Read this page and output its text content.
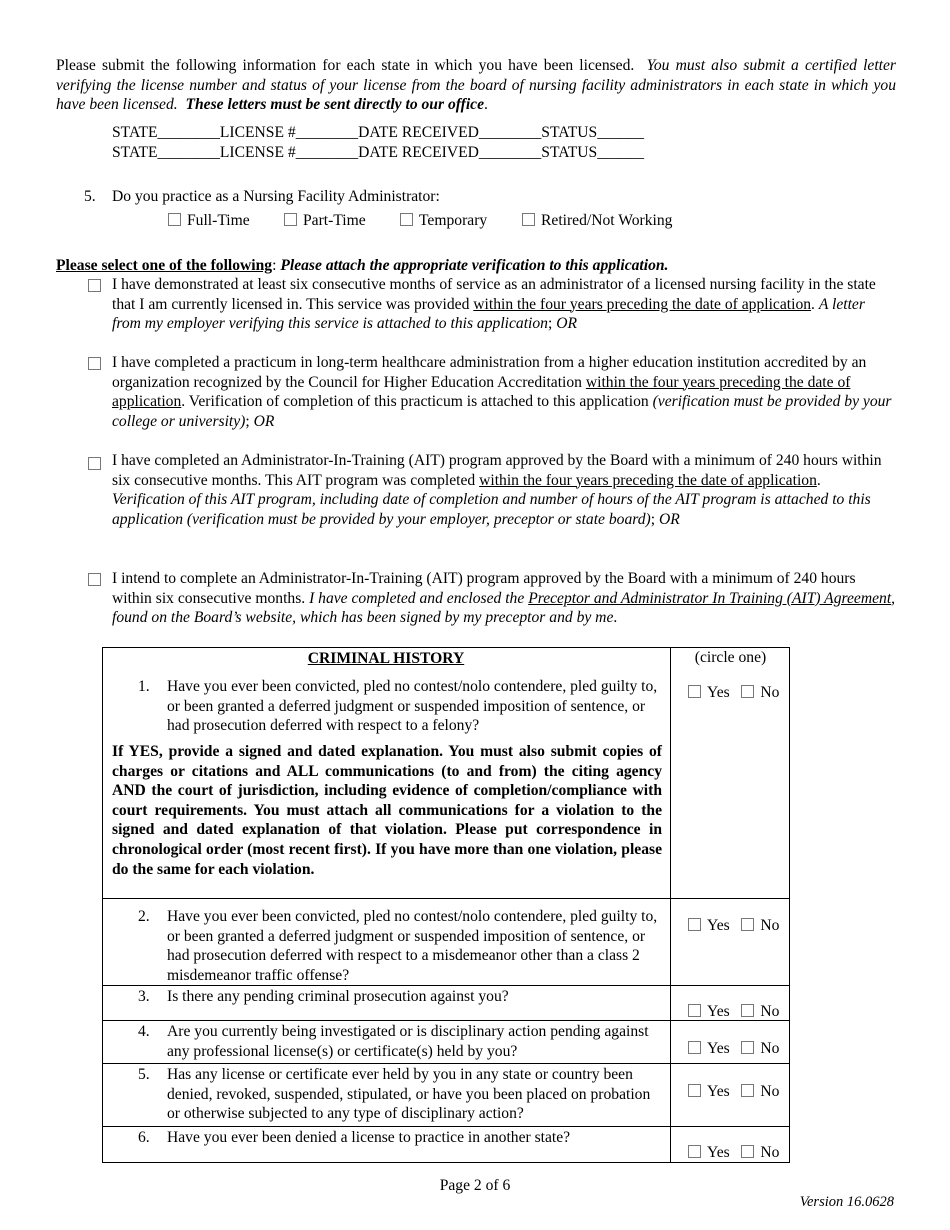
Please submit the following information for each state in which you have been licensed. You must also submit a certified letter verifying the license number and status of your license from the board of nursing facility administrators in each state in which you have been licensed. These letters must be sent directly to our office.
STATE________LICENSE #________DATE RECEIVED________STATUS______
STATE________LICENSE #________DATE RECEIVED________STATUS______
5. Do you practice as a Nursing Facility Administrator:
Full-Time	Part-Time	Temporary	Retired/Not Working
Please select one of the following: Please attach the appropriate verification to this application.
I have demonstrated at least six consecutive months of service as an administrator of a licensed nursing facility in the state that I am currently licensed in. This service was provided within the four years preceding the date of application. A letter from my employer verifying this service is attached to this application; OR
I have completed a practicum in long-term healthcare administration from a higher education institution accredited by an organization recognized by the Council for Higher Education Accreditation within the four years preceding the date of application. Verification of completion of this practicum is attached to this application (verification must be provided by your college or university); OR
I have completed an Administrator-In-Training (AIT) program approved by the Board with a minimum of 240 hours within six consecutive months. This AIT program was completed within the four years preceding the date of application. Verification of this AIT program, including date of completion and number of hours of the AIT program is attached to this application (verification must be provided by your employer, preceptor or state board); OR
I intend to complete an Administrator-In-Training (AIT) program approved by the Board with a minimum of 240 hours within six consecutive months. I have completed and enclosed the Preceptor and Administrator In Training (AIT) Agreement, found on the Board’s website, which has been signed by my preceptor and by me.
CRIMINAL HISTORY	(circle one)
1.	Have you ever been convicted, pled no contest/nolo contendere, pled guilty to, or been granted a deferred judgment or suspended imposition of sentence, or had prosecution deferred with respect to a felony?
Yes No
If YES, provide a signed and dated explanation. You must also submit copies of charges or citations and ALL communications (to and from) the citing agency AND the court of jurisdiction, including evidence of completion/compliance with court requirements. You must attach all communications for a violation to the signed and dated explanation of that violation. Please put correspondence in chronological order (most recent first). If you have more than one violation, please do the same for each violation.
2.	Have you ever been convicted, pled no contest/nolo contendere, pled guilty to, or been granted a deferred judgment or suspended imposition of sentence, or had prosecution deferred with respect to a misdemeanor other than a class 2 misdemeanor traffic offense?
Yes No
3.	Is there any pending criminal prosecution against you?
Yes No
4.	Are you currently being investigated or is disciplinary action pending against any professional license(s) or certificate(s) held by you?	Yes No
5.	Has any license or certificate ever held by you in any state or country been denied, revoked, suspended, stipulated, or have you been placed on probation or otherwise subjected to any type of disciplinary action?
Yes No
6.	Have you ever been denied a license to practice in another state?
Yes No
Page 2 of 6
Version 16.0628
